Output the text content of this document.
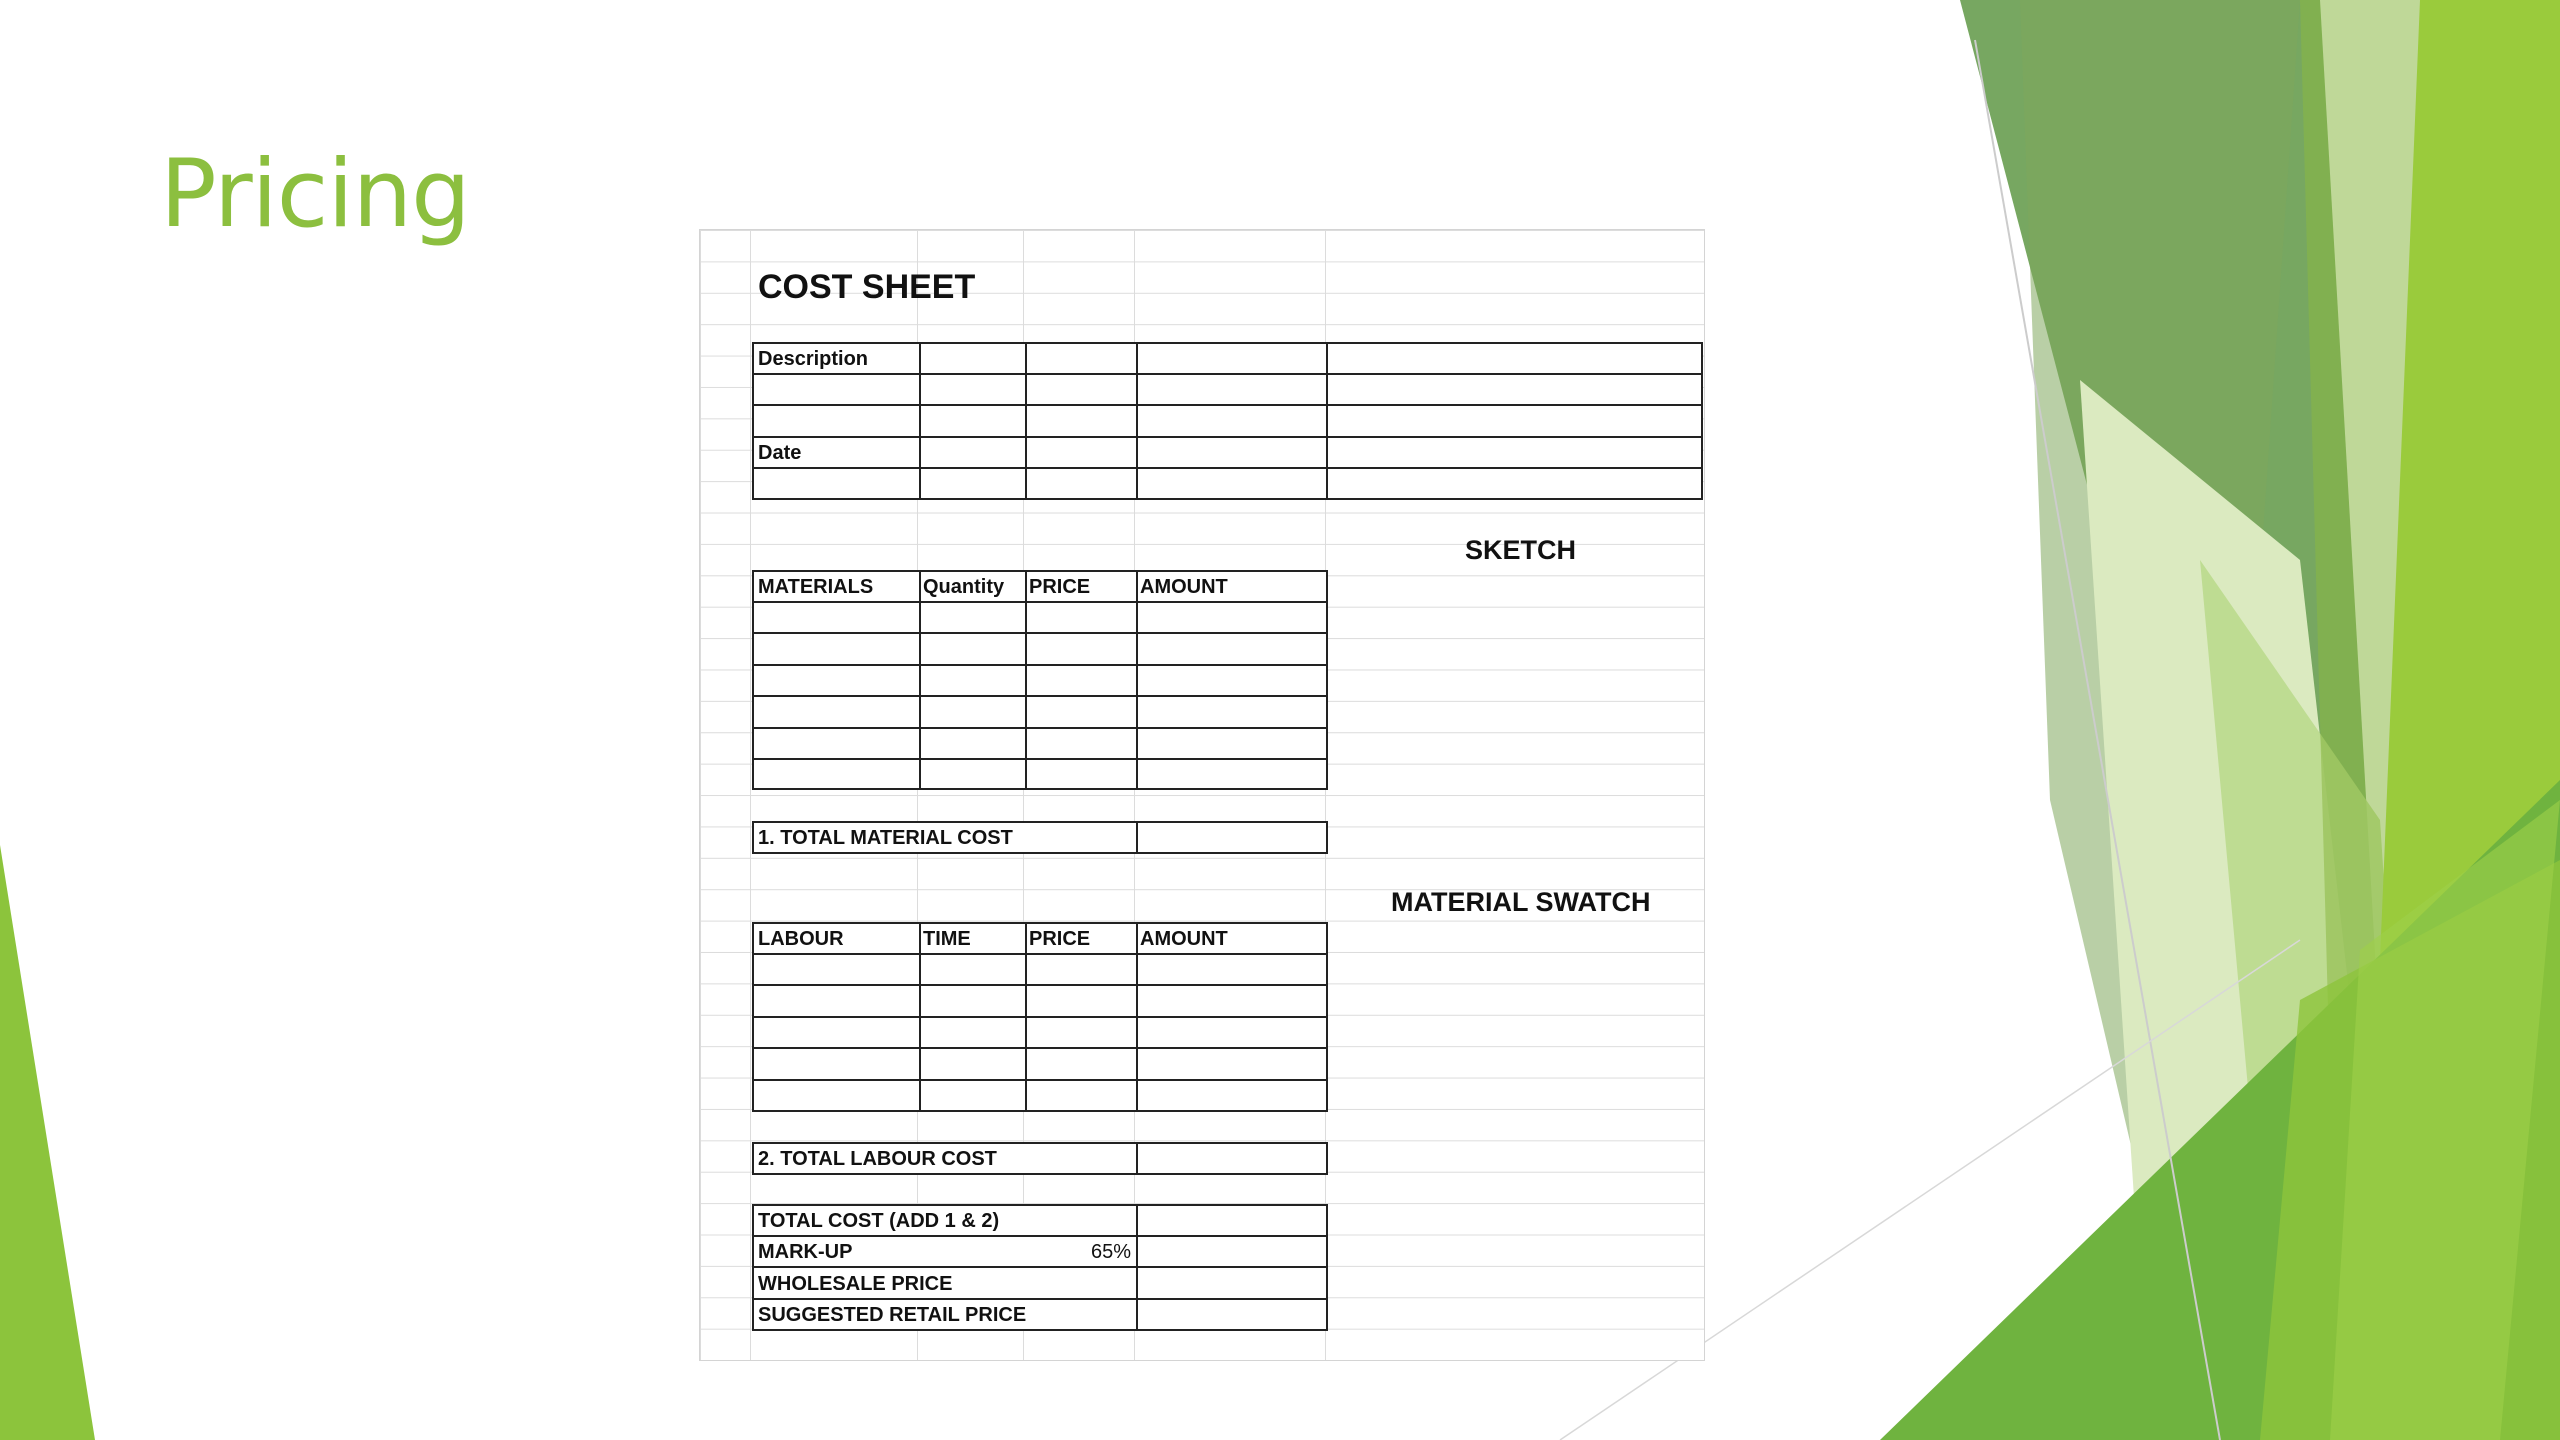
Pricing
COST SHEET
Description
Date
SKETCH
MATERIALS Quantity PRICE AMOUNT
1. TOTAL MATERIAL COST
MATERIAL SWATCH
LABOUR	TIME	PRICE AMOUNT
2. TOTAL LABOUR COST
TOTAL COST (ADD 1 & 2)
MARK-UP	65%
WHOLESALE PRICE
SUGGESTED RETAIL PRICE
